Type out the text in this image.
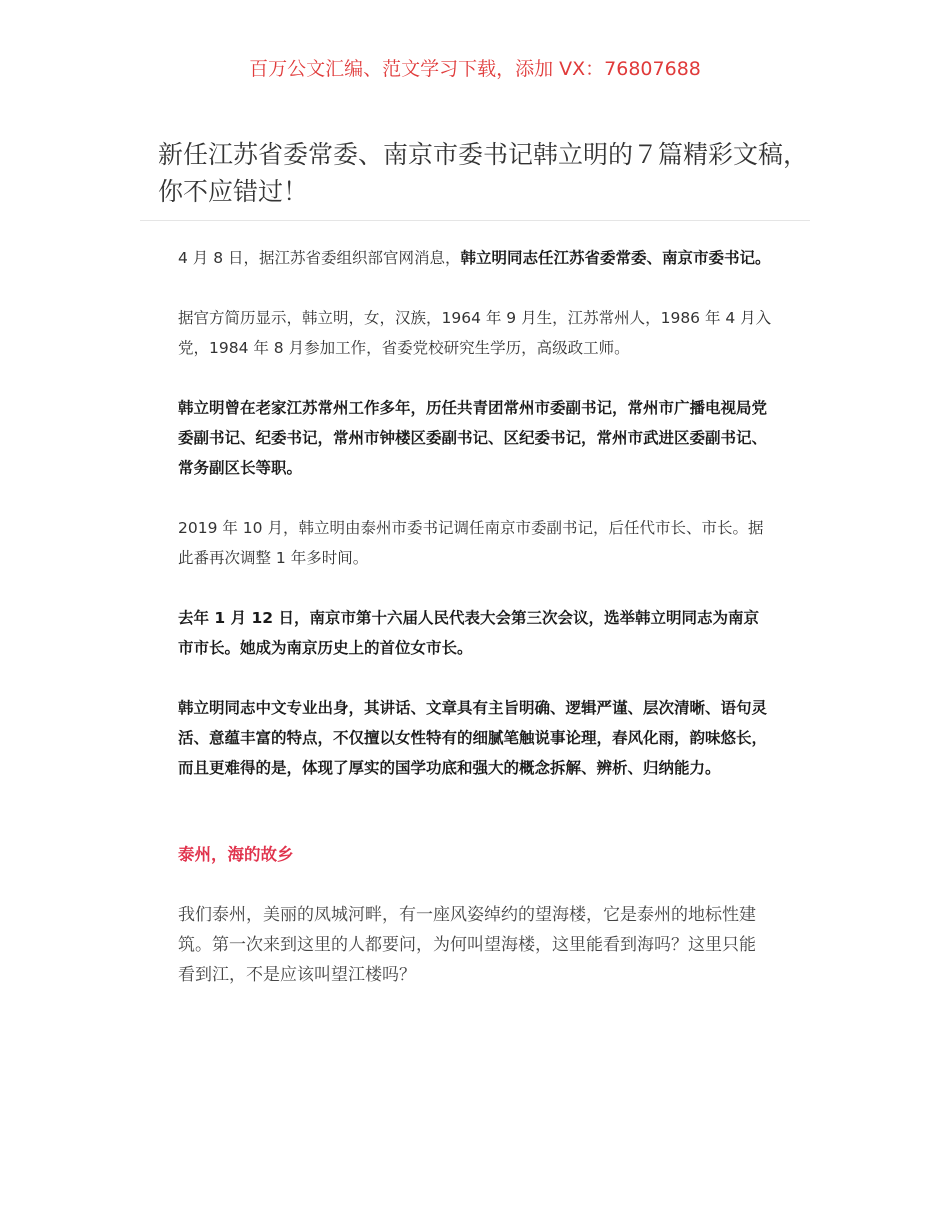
百万公文汇编、范文学习下载，添加 VX：76807688
新任江苏省委常委、南京市委书记韩立明的７篇精彩文稿，你不应错过！

4 月 8 日，据江苏省委组织部官网消息，韩立明同志任江苏省委常委、南京市委书记。

据官方简历显示，韩立明，女，汉族，1964 年 9 月生，江苏常州人，1986 年 4 月入党，1984 年 8 月参加工作，省委党校研究生学历，高级政工师。

韩立明曾在老家江苏常州工作多年，历任共青团常州市委副书记，常州市广播电视局党委副书记、纪委书记，常州市钟楼区委副书记、区纪委书记，常州市武进区委副书记、常务副区长等职。

2019 年 10 月，韩立明由泰州市委书记调任南京市委副书记，后任代市长、市长。据此番再次调整 1 年多时间。

去年 1 月 12 日，南京市第十六届人民代表大会第三次会议，选举韩立明同志为南京市市长。她成为南京历史上的首位女市长。

韩立明同志中文专业出身，其讲话、文章具有主旨明确、逻辑严谨、层次清晰、语句灵活、意蕴丰富的特点，不仅擅以女性特有的细腻笔触说事论理，春风化雨，韵味悠长，而且更难得的是，体现了厚实的国学功底和强大的概念拆解、辨析、归纳能力。

泰州，海的故乡

我们泰州，美丽的凤城河畔，有一座风姿绰约的望海楼，它是泰州的地标性建筑。第一次来到这里的人都要问，为何叫望海楼，这里能看到海吗？这里只能看到江，不是应该叫望江楼吗？
